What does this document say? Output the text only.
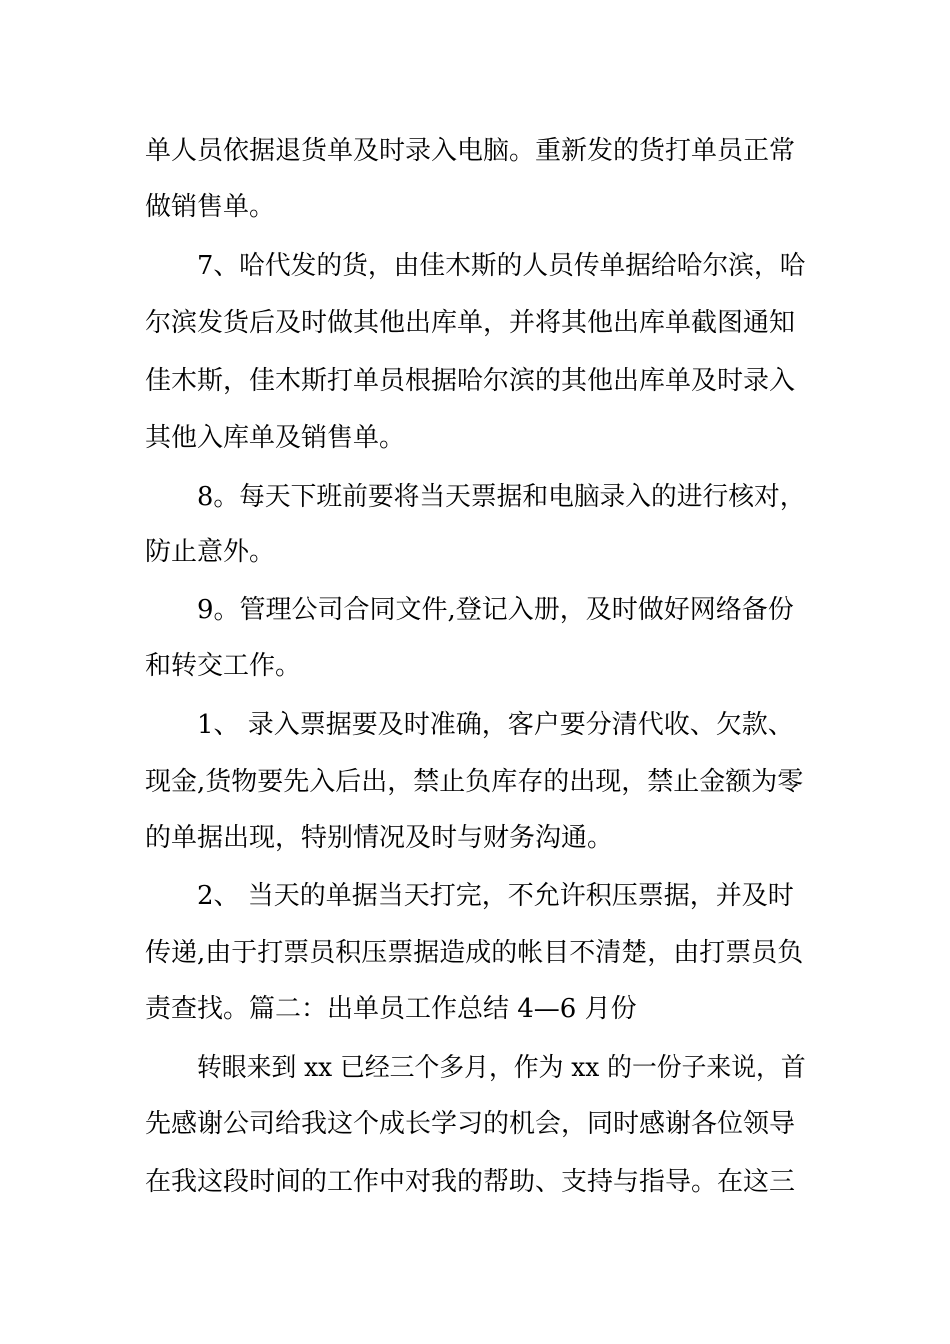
单人员依据退货单及时录入电脑。重新发的货打单员正常
做销售单。
7、哈代发的货，由佳木斯的人员传单据给哈尔滨，哈
尔滨发货后及时做其他出库单，并将其他出库单截图通知
佳木斯，佳木斯打单员根据哈尔滨的其他出库单及时录入
其他入库单及销售单。
8。每天下班前要将当天票据和电脑录入的进行核对，
防止意外。
9。管理公司合同文件,登记入册，及时做好网络备份
和转交工作。
1、 录入票据要及时准确，客户要分清代收、欠款、
现金,货物要先入后出，禁止负库存的出现，禁止金额为零
的单据出现，特别情况及时与财务沟通。
2、 当天的单据当天打完，不允许积压票据，并及时
传递,由于打票员积压票据造成的帐目不清楚，由打票员负
责查找。篇二：出单员工作总结 4—6 月份
转眼来到 xx 已经三个多月，作为 xx 的一份子来说，首
先感谢公司给我这个成长学习的机会，同时感谢各位领导
在我这段时间的工作中对我的帮助、支持与指导。在这三
